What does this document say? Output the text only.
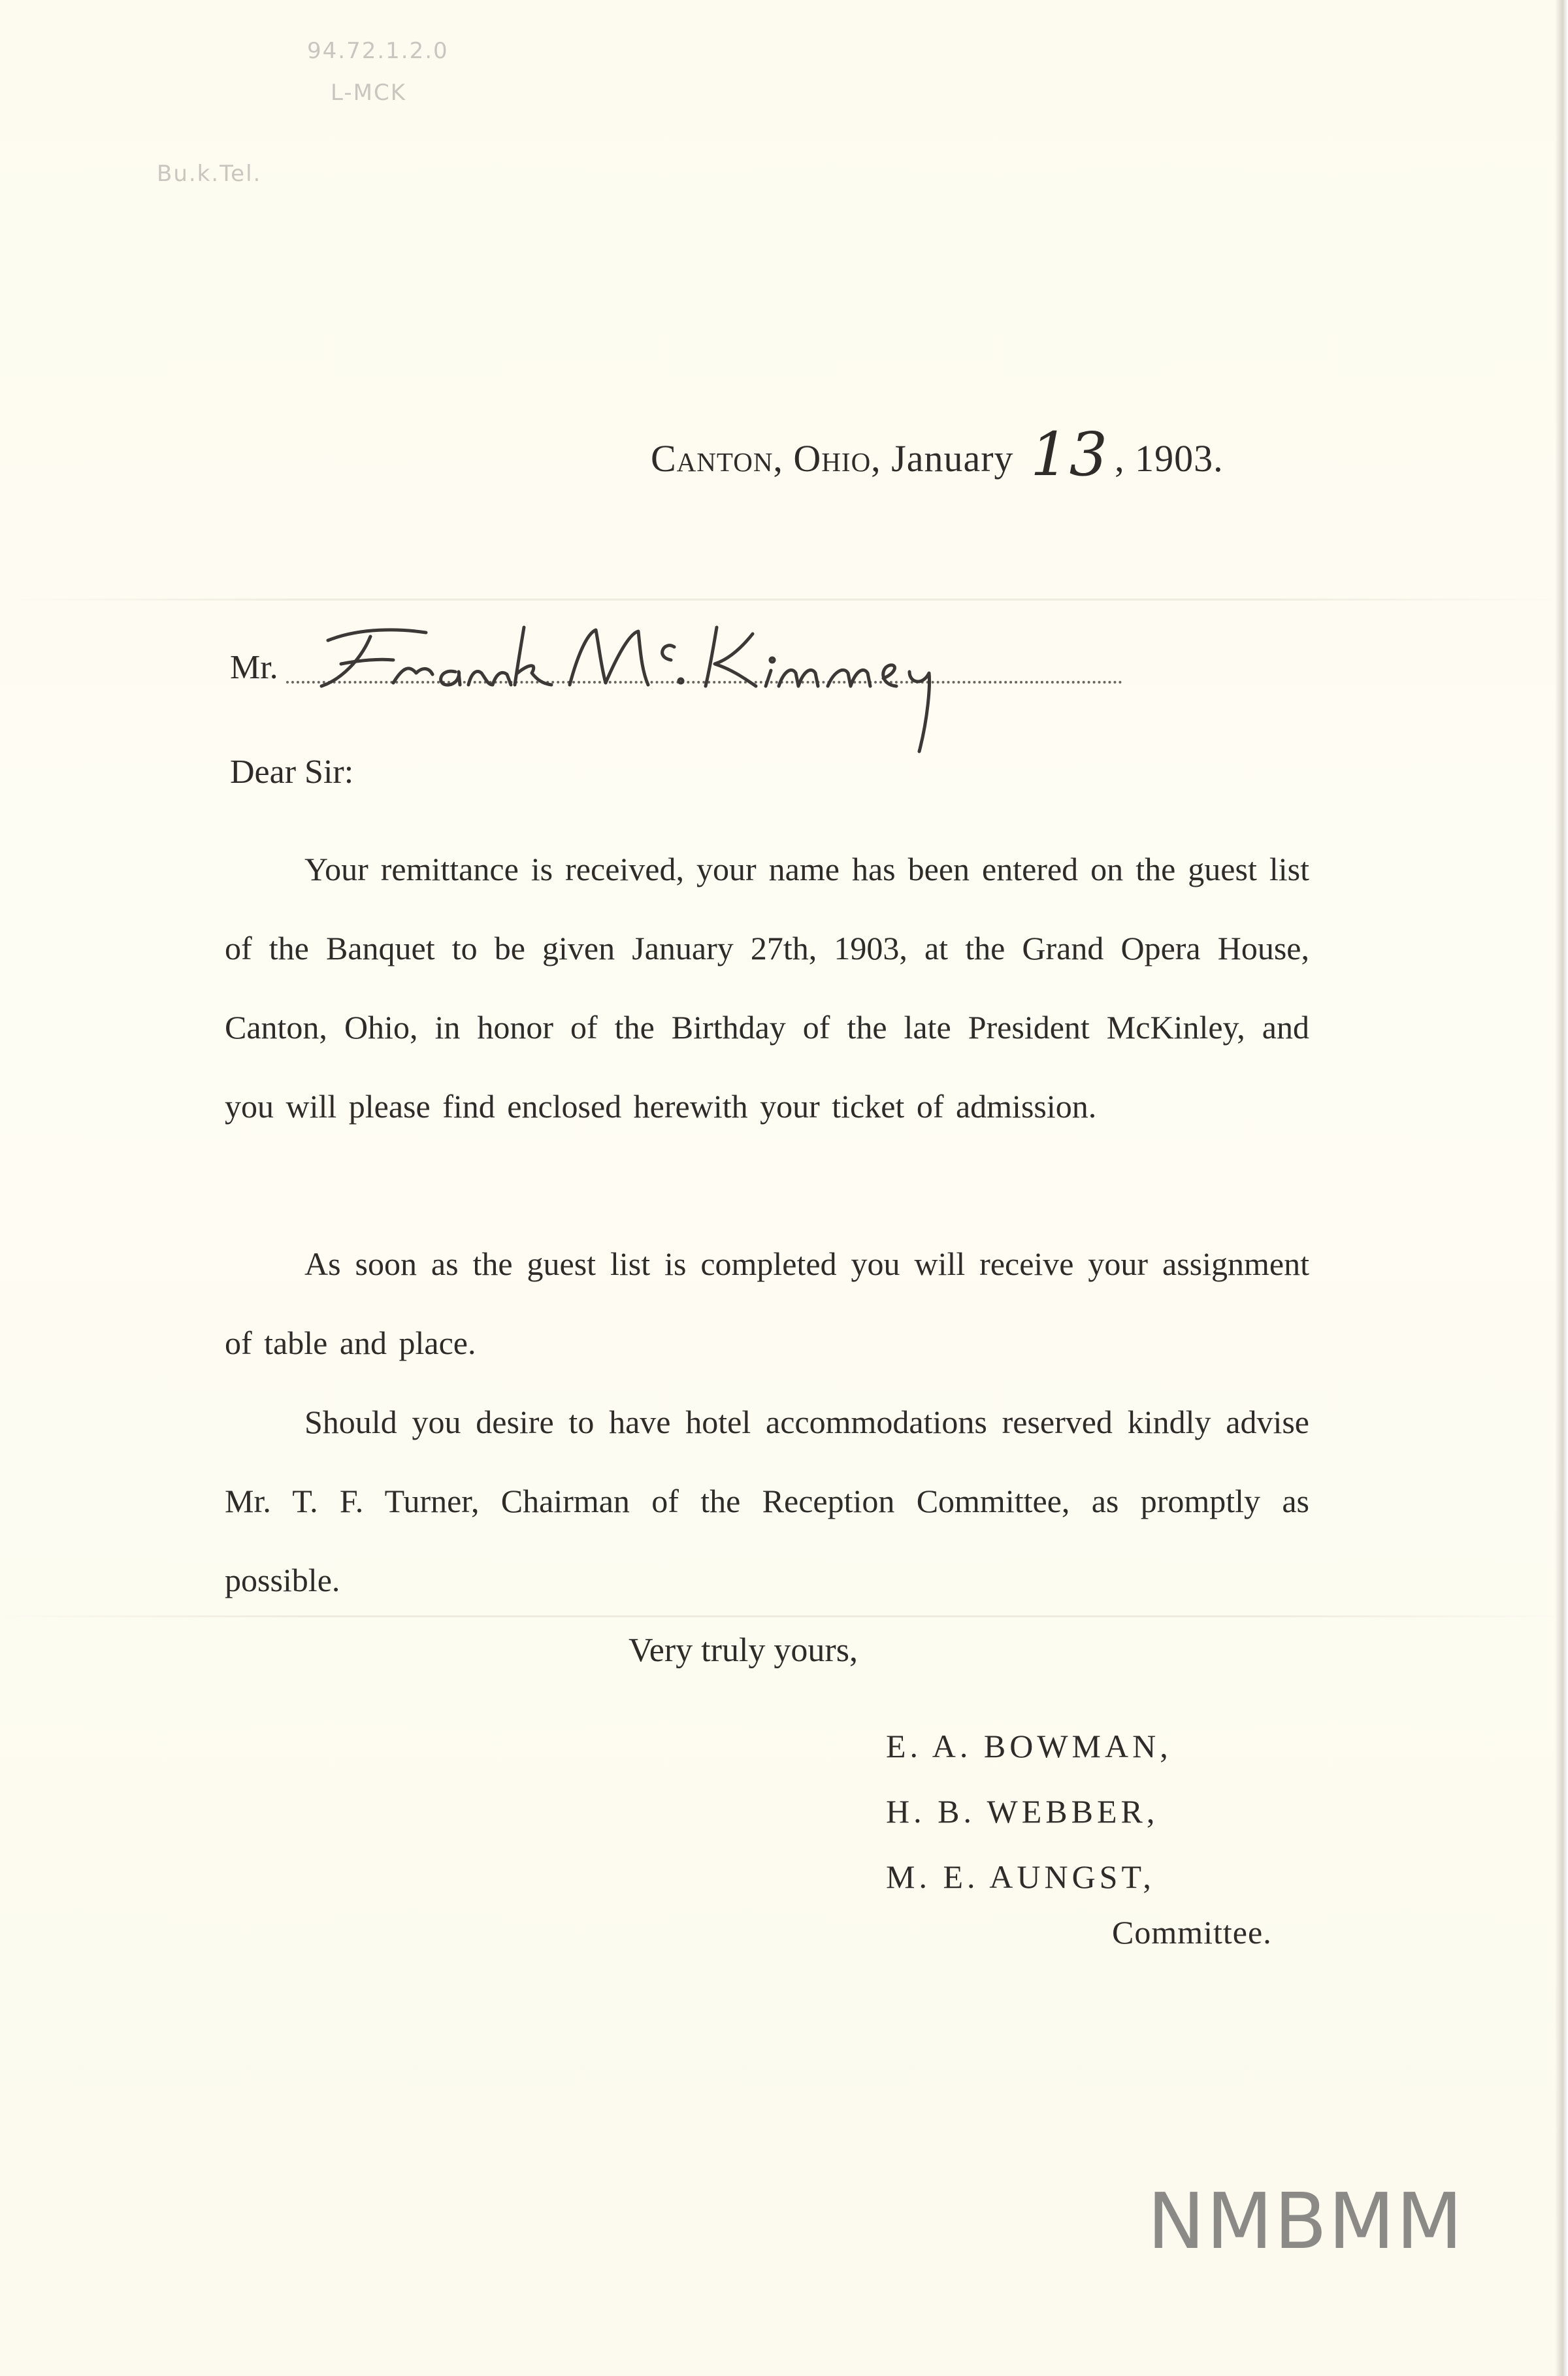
94.72.1.2.0
L-MCK
Bu.k.Tel.
Canton, Ohio, January 13 , 1903.
Mr.
Dear Sir:
Your remittance is received, your name has been entered on the guest list of the Banquet to be given January 27th, 1903, at the Grand Opera House, Canton, Ohio, in honor of the Birthday of the late President McKinley, and you will please find enclosed herewith your ticket of admission.
As soon as the guest list is completed you will receive your assignment of table and place.
Should you desire to have hotel accommodations reserved kindly advise Mr. T. F. Turner, Chairman of the Reception Committee, as promptly as possible.
Very truly yours,
E. A. BOWMAN,
H. B. WEBBER,
M. E. AUNGST,
Committee.
NMBMM
